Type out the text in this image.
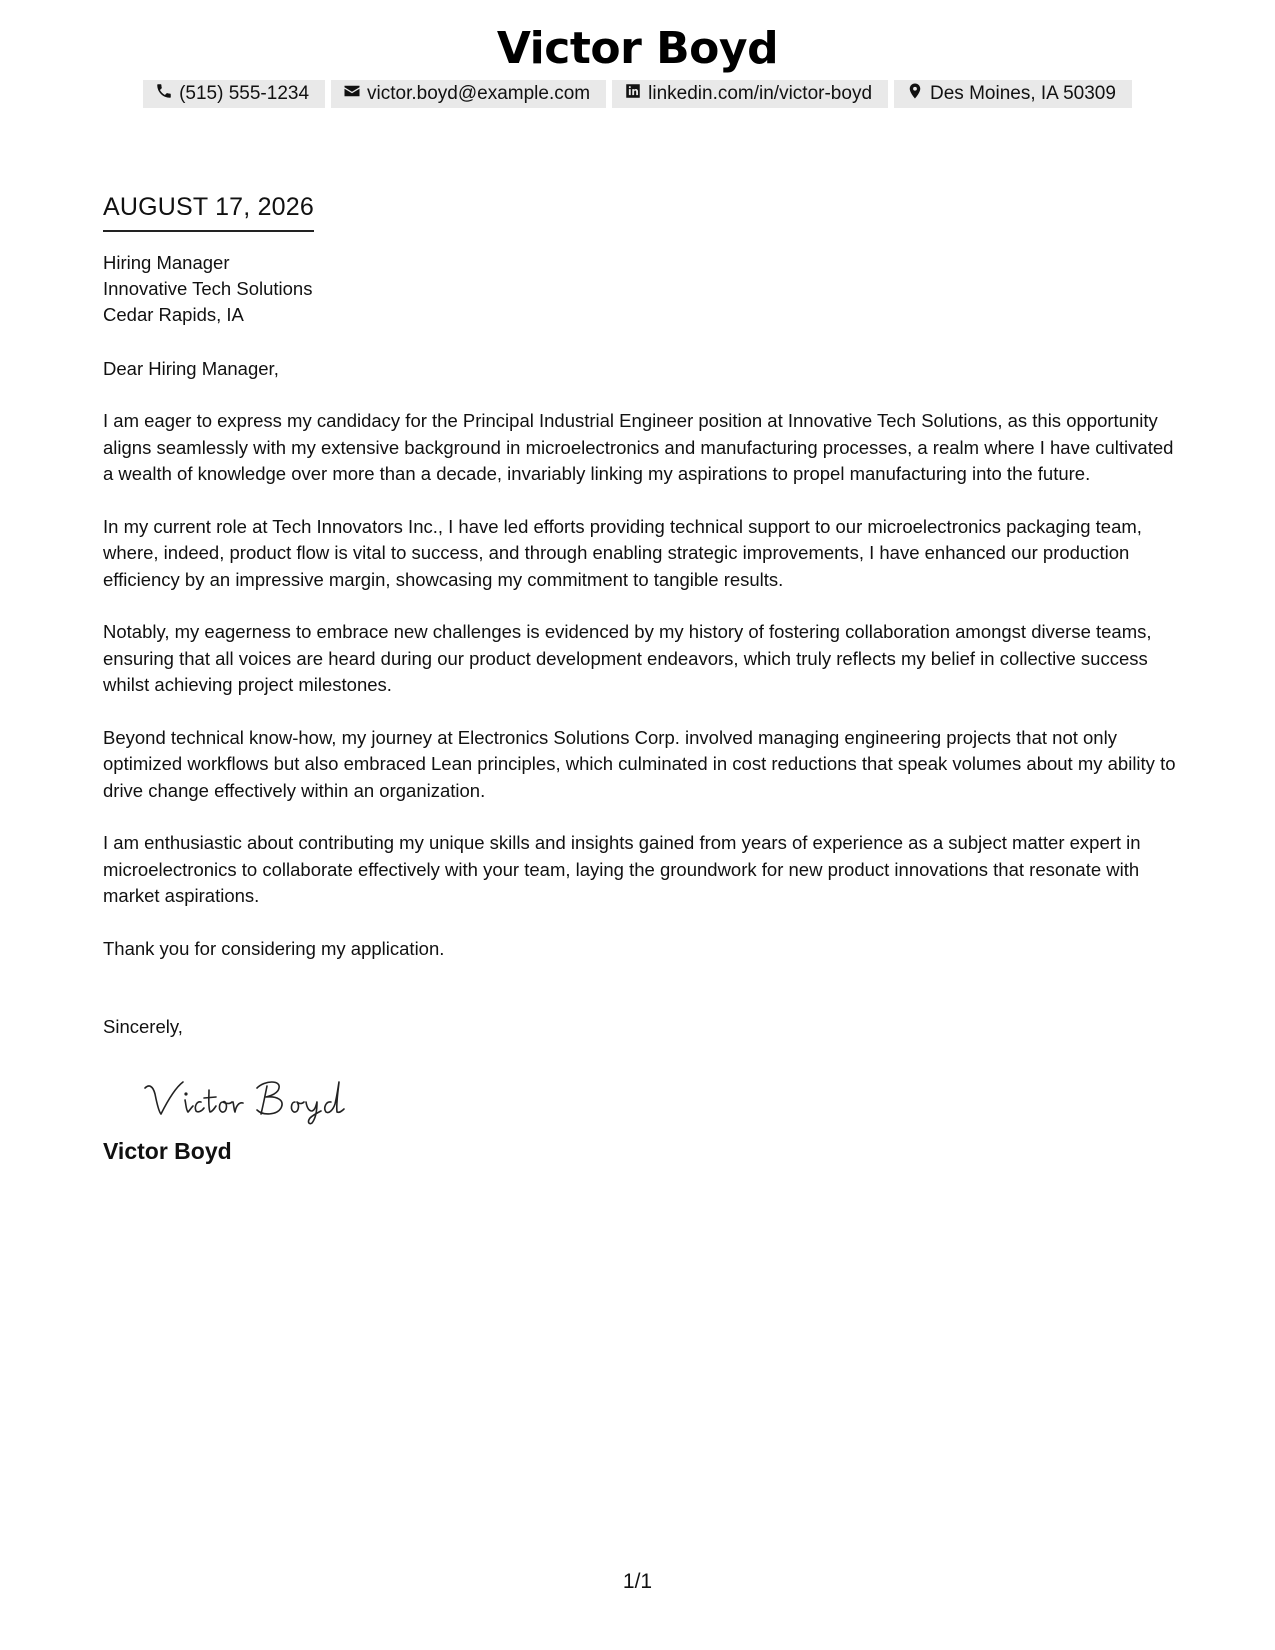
Victor Boyd
(515) 555-1234	victor.boyd@example.com	linkedin.com/in/victor-boyd	Des Moines, IA 50309
AUGUST 17, 2026
Hiring Manager
Innovative Tech Solutions
Cedar Rapids, IA
Dear Hiring Manager,

I am eager to express my candidacy for the Principal Industrial Engineer position at Innovative Tech Solutions, as this opportunity aligns seamlessly with my extensive background in microelectronics and manufacturing processes, a realm where I have cultivated a wealth of knowledge over more than a decade, invariably linking my aspirations to propel manufacturing into the future.

In my current role at Tech Innovators Inc., I have led efforts providing technical support to our microelectronics packaging team, where, indeed, product flow is vital to success, and through enabling strategic improvements, I have enhanced our production efficiency by an impressive margin, showcasing my commitment to tangible results.

Notably, my eagerness to embrace new challenges is evidenced by my history of fostering collaboration amongst diverse teams, ensuring that all voices are heard during our product development endeavors, which truly reflects my belief in collective success whilst achieving project milestones.

Beyond technical know-how, my journey at Electronics Solutions Corp. involved managing engineering projects that not only optimized workflows but also embraced Lean principles, which culminated in cost reductions that speak volumes about my ability to drive change effectively within an organization.

I am enthusiastic about contributing my unique skills and insights gained from years of experience as a subject matter expert in microelectronics to collaborate effectively with your team, laying the groundwork for new product innovations that resonate with market aspirations.

Thank you for considering my application.

Sincerely,
Victor Boyd
1/1
